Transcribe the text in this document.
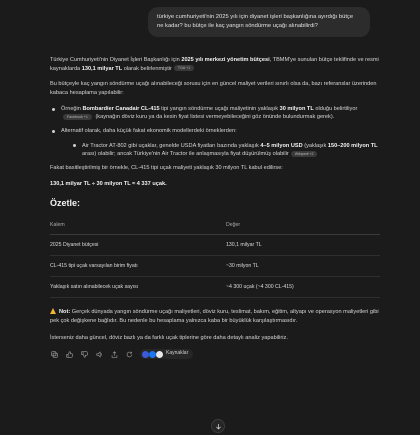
türkiye cumhuriyeti'nin 2025 yılı için diyanet işleri başkanlığına ayırdığı bütçe ne kadar? bu bütçe ile kaç yangın söndürme uçağı alınabilirdi?
Türkiye Cumhuriyeti'nin Diyanet İşleri Başkanlığı için 2025 yılı merkezi yönetim bütçesi, TBMM'ye sunulan bütçe teklifinde ve resmi kaynaklarda 130,1 milyar TL olarak belirlenmiştir TGA +1
Bu bütçeyle kaç yangın söndürme uçağı alınabileceği sorusu için en güncel maliyet verileri sınırlı olsa da, bazı referanslar üzerinden kabaca hesaplama yapılabilir:
Örneğin Bombardier Canadair CL-415 tipi yangın söndürme uçağı maliyetinin yaklaşık 30 milyon TL olduğu belirtiliyorFacebook +1 (kaynağın döviz kuru ya da kesin fiyat listesi vermeyebileceğini göz önünde bulundurmak gerek).
Alternatif olarak, daha küçük fakat ekonomik modellerdeki örneklerden:
Air Tractor AT-802 gibi uçaklar, genelde USDA fiyatları bazında yaklaşık 4–5 milyon USD (yaklaşık 150–200 milyon TL arası) olabilir; ancak Türkiye'nin Air Tractor ile anlaşmasıyla fiyat düşürülmüş olabilir Wikipedi +2
Fakat basitleştirilmiş bir örnekle, CL-415 tipi uçak maliyeti yaklaşık 30 milyon TL kabul edilirse:
130,1 milyar TL ÷ 30 milyon TL ≈ 4 337 uçak.
Özetle:
Kalem	Değer
2025 Diyanet bütçesi	130,1 milyar TL
CL-415 tipi uçak varsayılan birim fiyatı	~30 milyon TL
Yaklaşık satın alınabilecek uçak sayısı	~4 300 uçak (~4 300 CL-415)
Not: Gerçek dünyada yangın söndürme uçağı maliyetleri, döviz kuru, teslimat, bakım, eğitim, altyapı ve operasyon maliyetleri gibi pek çok değişkene bağlıdır. Bu nedenle bu hesaplama yalnızca kaba bir büyüklük karşılaştırmasıdır.
İsterseniz daha güncel, döviz bazlı ya da farklı uçak tiplerine göre daha detaylı analiz yapabiliriz.
Kaynaklar
